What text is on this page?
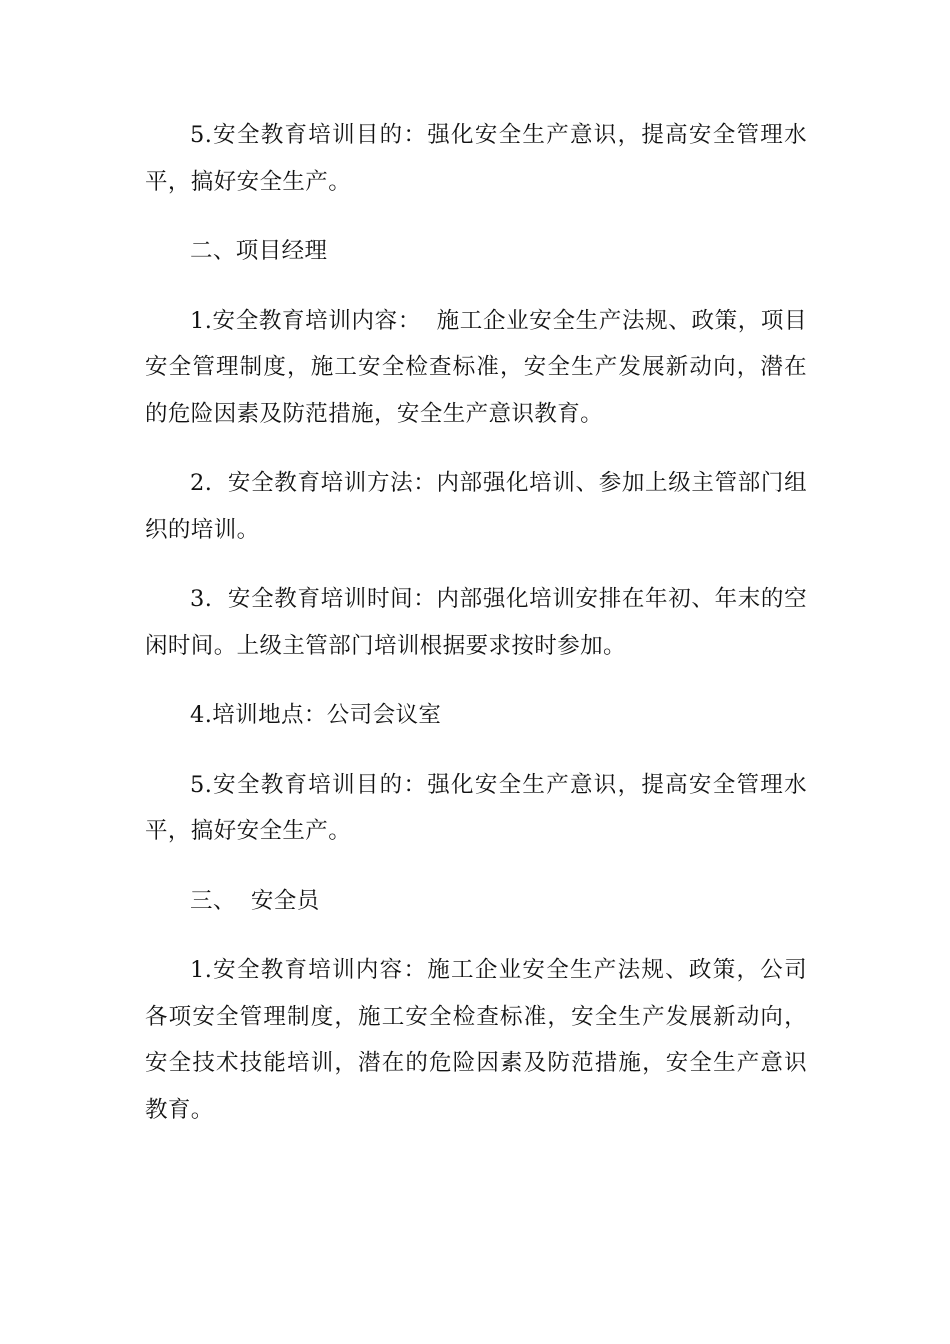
5.安全教育培训目的：强化安全生产意识，提高安全管理水平，搞好安全生产。

二、项目经理

1.安全教育培训内容：  施工企业安全生产法规、政策，项目安全管理制度，施工安全检查标准，安全生产发展新动向，潜在的危险因素及防范措施，安全生产意识教育。

2.  安全教育培训方法：内部强化培训、参加上级主管部门组织的培训。

3.  安全教育培训时间：内部强化培训安排在年初、年末的空闲时间。上级主管部门培训根据要求按时参加。

4.培训地点：公司会议室

5.安全教育培训目的：强化安全生产意识，提高安全管理水平，搞好安全生产。

三、  安全员

1.安全教育培训内容：施工企业安全生产法规、政策，公司各项安全管理制度，施工安全检查标准，安全生产发展新动向，安全技术技能培训，潜在的危险因素及防范措施，安全生产意识教育。
